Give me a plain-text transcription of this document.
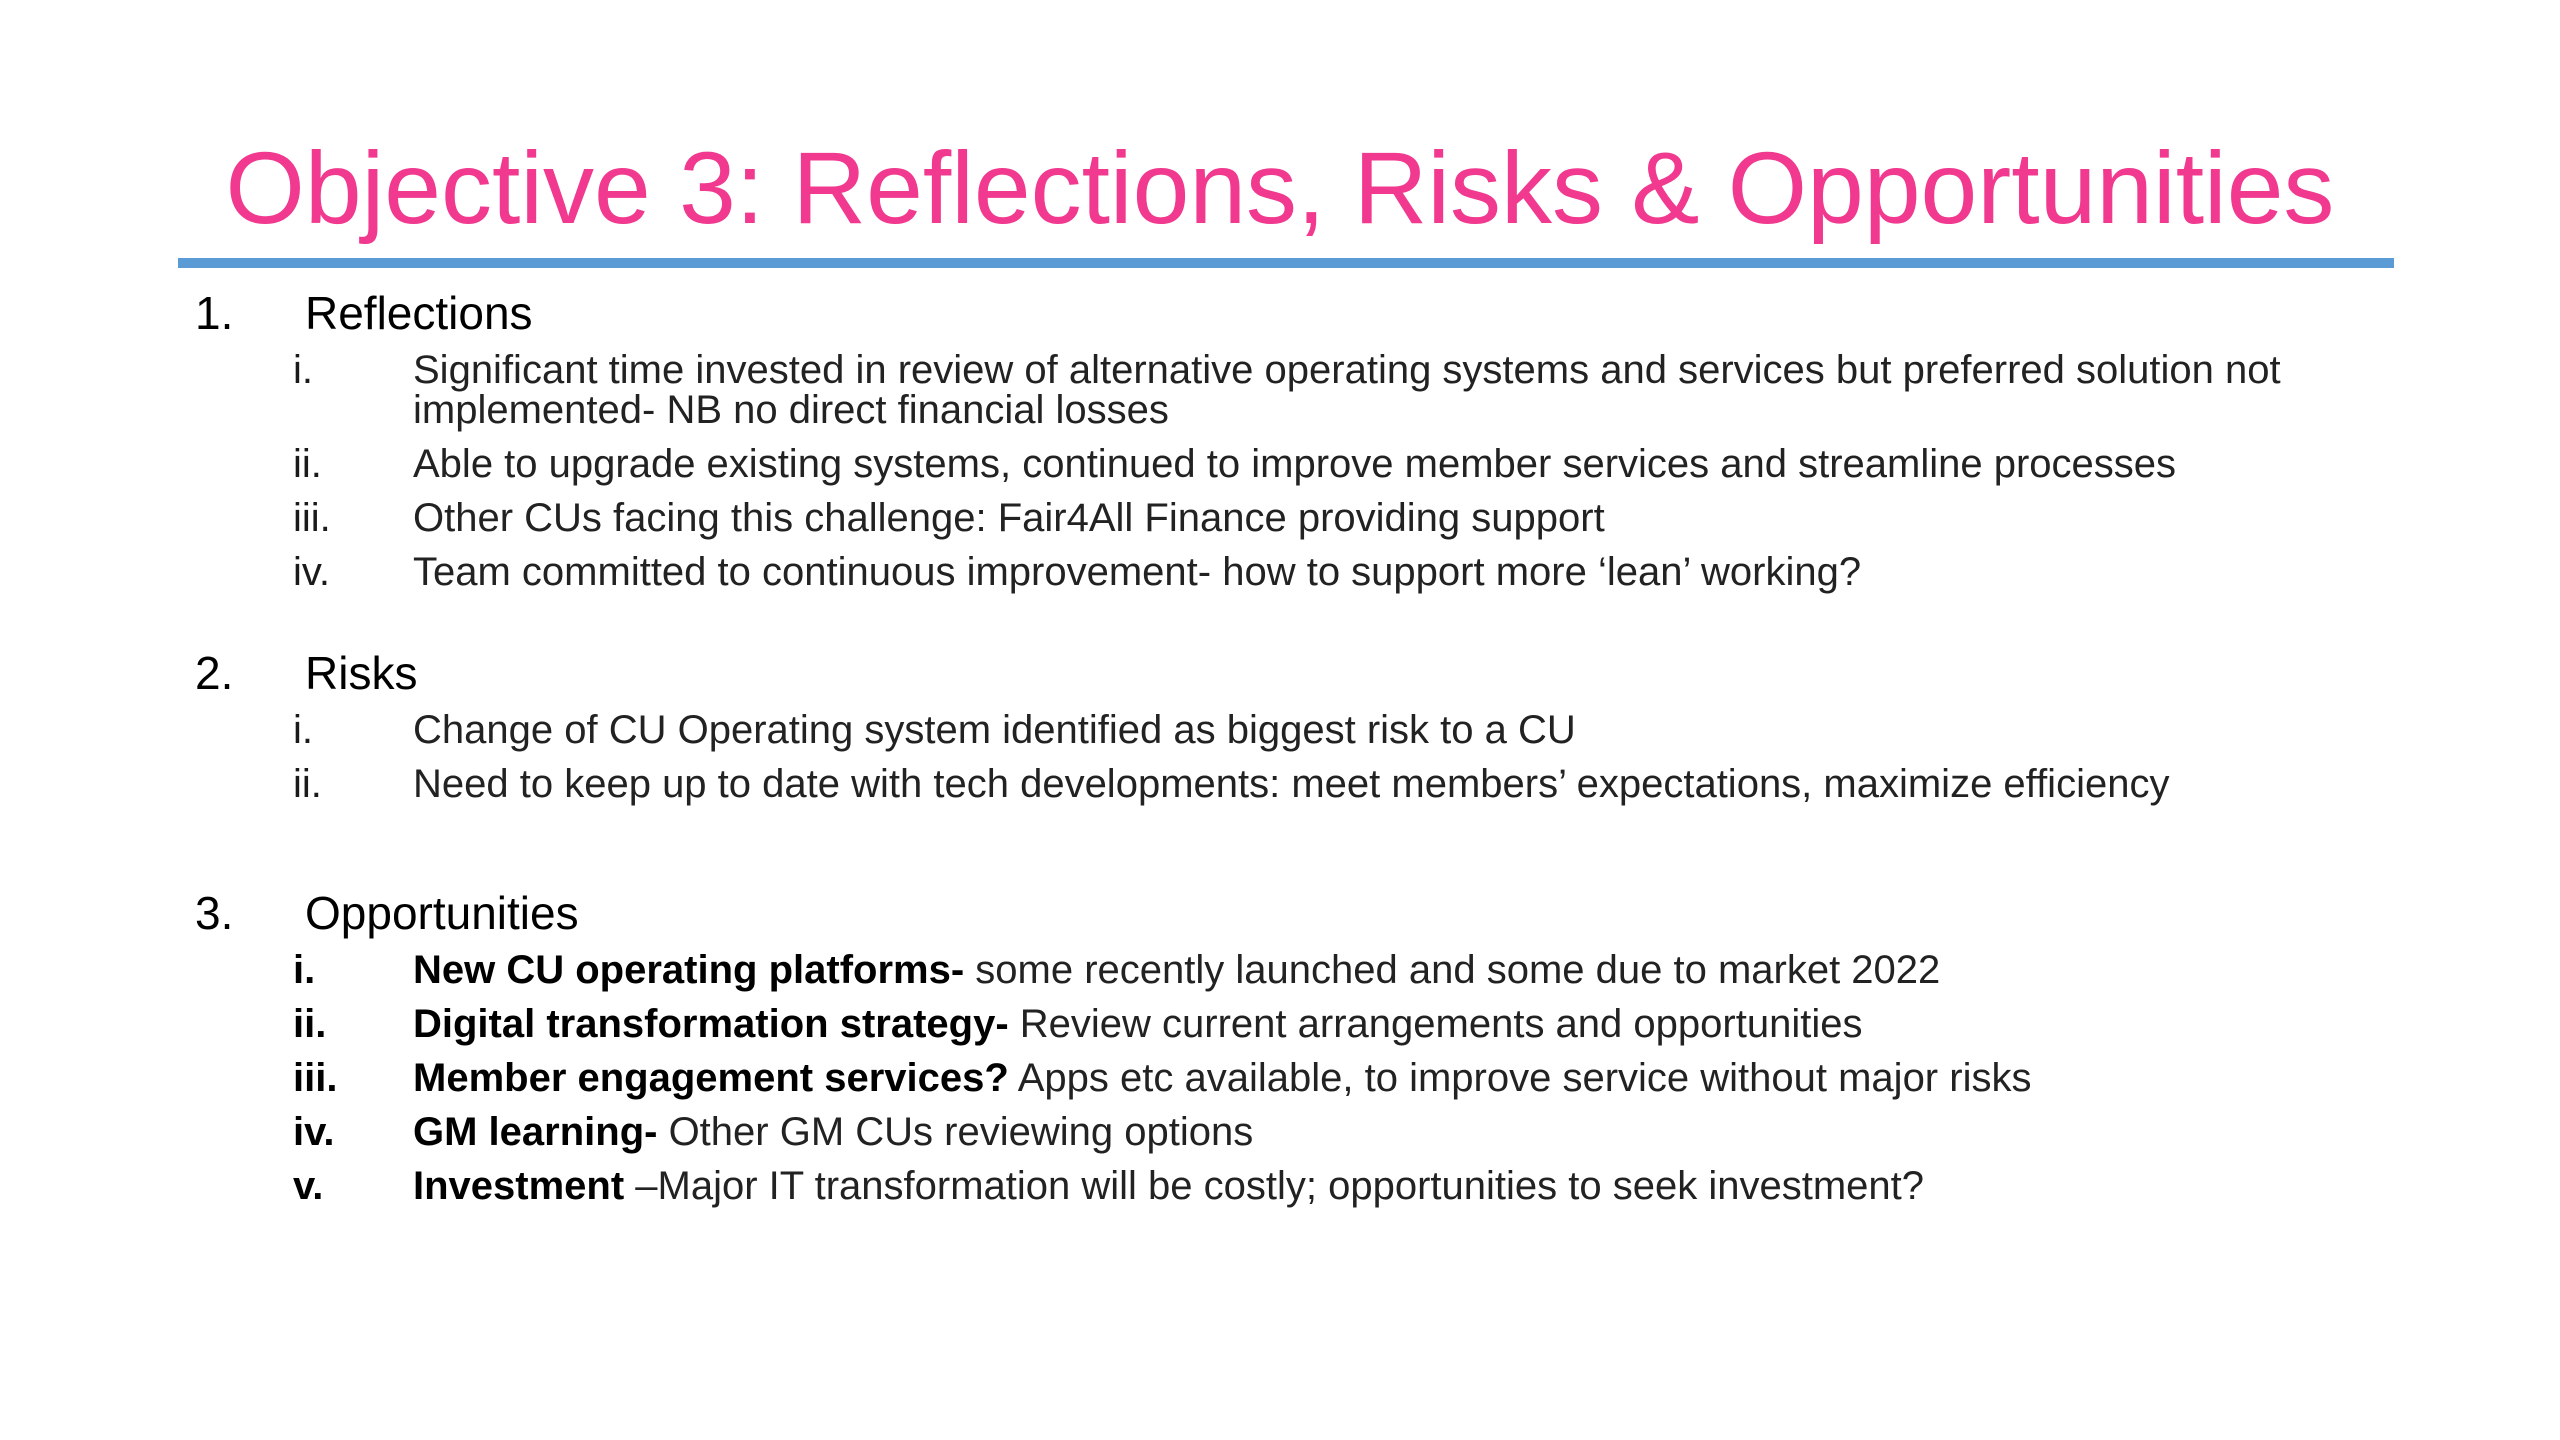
Objective 3: Reflections, Risks & Opportunities
1.	Reflections
i.	Significant time invested in review of alternative operating systems and services but preferred solution not implemented- NB no direct financial losses
ii.	Able to upgrade existing systems, continued to improve member services and streamline processes
iii.	Other CUs facing this challenge: Fair4All Finance providing support
iv.	Team committed to continuous improvement- how to support more ‘lean’ working?
2.	Risks
i.	Change of CU Operating system identified as biggest risk to a CU
ii.	Need to keep up to date with tech developments: meet members’ expectations, maximize efficiency
3.	Opportunities
i.	New CU operating platforms- some recently launched and some due to market 2022
ii.	Digital transformation strategy- Review current arrangements and opportunities
iii.	Member engagement services? Apps etc available, to improve service without major risks
iv.	GM learning- Other GM CUs reviewing options
v.	Investment –Major IT transformation will be costly; opportunities to seek investment?
